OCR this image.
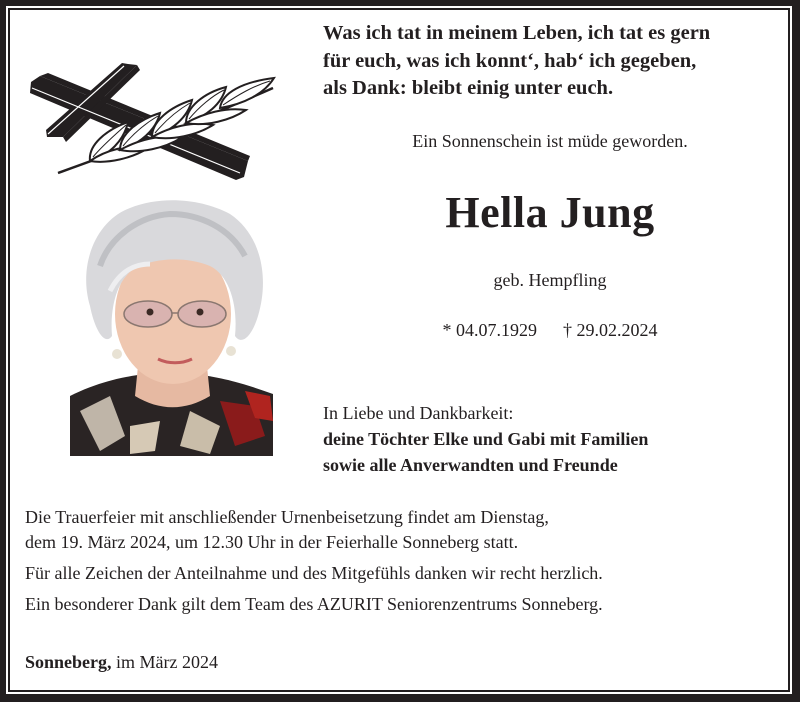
Was ich tat in meinem Leben, ich tat es gern
für euch, was ich konnt‘, hab‘ ich gegeben,
als Dank: bleibt einig unter euch.
Ein Sonnenschein ist müde geworden.
Hella Jung
geb. Hempfling
* 04.07.1929 † 29.02.2024
In Liebe und Dankbarkeit:
deine Töchter Elke und Gabi mit Familien
sowie alle Anverwandten und Freunde
Die Trauerfeier mit anschließender Urnenbeisetzung findet am Dienstag,
dem 19. März 2024, um 12.30 Uhr in der Feierhalle Sonneberg statt.
Für alle Zeichen der Anteilnahme und des Mitgefühls danken wir recht herzlich.
Ein besonderer Dank gilt dem Team des AZURIT Seniorenzentrums Sonneberg.
Sonneberg, im März 2024
